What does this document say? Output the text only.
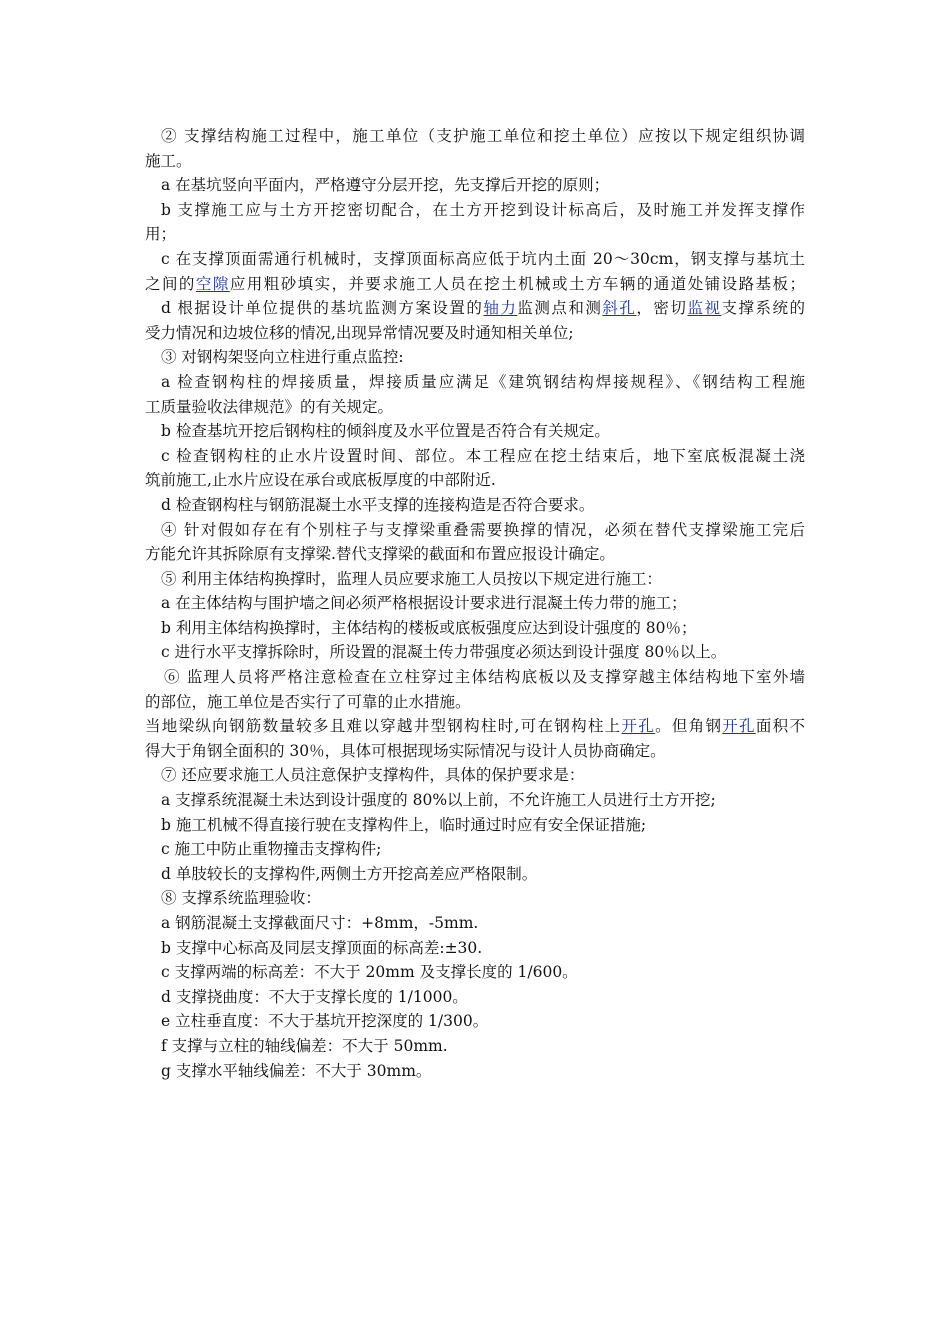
② 支撑结构施工过程中，施工单位（支护施工单位和挖土单位）应按以下规定组织协调
施工。
a 在基坑竖向平面内，严格遵守分层开挖，先支撑后开挖的原则；
b 支撑施工应与土方开挖密切配合，在土方开挖到设计标高后，及时施工并发挥支撑作
用；
c 在支撑顶面需通行机械时，支撑顶面标高应低于坑内土面 20～30cm，钢支撑与基坑土
之间的空隙应用粗砂填实，并要求施工人员在挖土机械或土方车辆的通道处铺设路基板；
d 根据设计单位提供的基坑监测方案设置的轴力监测点和测斜孔，密切监视支撑系统的
受力情况和边坡位移的情况,出现异常情况要及时通知相关单位;
③ 对钢构架竖向立柱进行重点监控:
a 检查钢构柱的焊接质量，焊接质量应满足《建筑钢结构焊接规程》、《钢结构工程施
工质量验收法律规范》的有关规定。
b 检查基坑开挖后钢构柱的倾斜度及水平位置是否符合有关规定。
c 检查钢构柱的止水片设置时间、部位。本工程应在挖土结束后，地下室底板混凝土浇
筑前施工,止水片应设在承台或底板厚度的中部附近.
d 检查钢构柱与钢筋混凝土水平支撑的连接构造是否符合要求。
④ 针对假如存在有个别柱子与支撑梁重叠需要换撑的情况，必须在替代支撑梁施工完后
方能允许其拆除原有支撑梁.替代支撑梁的截面和布置应报设计确定。
⑤ 利用主体结构换撑时，监理人员应要求施工人员按以下规定进行施工：
a 在主体结构与围护墙之间必须严格根据设计要求进行混凝土传力带的施工；
b 利用主体结构换撑时，主体结构的楼板或底板强度应达到设计强度的 80％；
c 进行水平支撑拆除时，所设置的混凝土传力带强度必须达到设计强度 80％以上。
⑥ 监理人员将严格注意检查在立柱穿过主体结构底板以及支撑穿越主体结构地下室外墙
的部位，施工单位是否实行了可靠的止水措施。
当地梁纵向钢筋数量较多且难以穿越井型钢构柱时,可在钢构柱上开孔。但角钢开孔面积不
得大于角钢全面积的 30％，具体可根据现场实际情况与设计人员协商确定。
⑦ 还应要求施工人员注意保护支撑构件，具体的保护要求是：
a 支撑系统混凝土未达到设计强度的 80%以上前，不允许施工人员进行土方开挖;
b 施工机械不得直接行驶在支撑构件上，临时通过时应有安全保证措施;
c 施工中防止重物撞击支撑构件;
d 单肢较长的支撑构件,两侧土方开挖高差应严格限制。
⑧ 支撑系统监理验收：
a 钢筋混凝土支撑截面尺寸：+8mm，-5mm.
b 支撑中心标高及同层支撑顶面的标高差:±30.
c 支撑两端的标高差：不大于 20mm 及支撑长度的 1/600。
d 支撑挠曲度：不大于支撑长度的 1/1000。
e 立柱垂直度：不大于基坑开挖深度的 1/300。
f 支撑与立柱的轴线偏差：不大于 50mm.
g 支撑水平轴线偏差：不大于 30mm。
